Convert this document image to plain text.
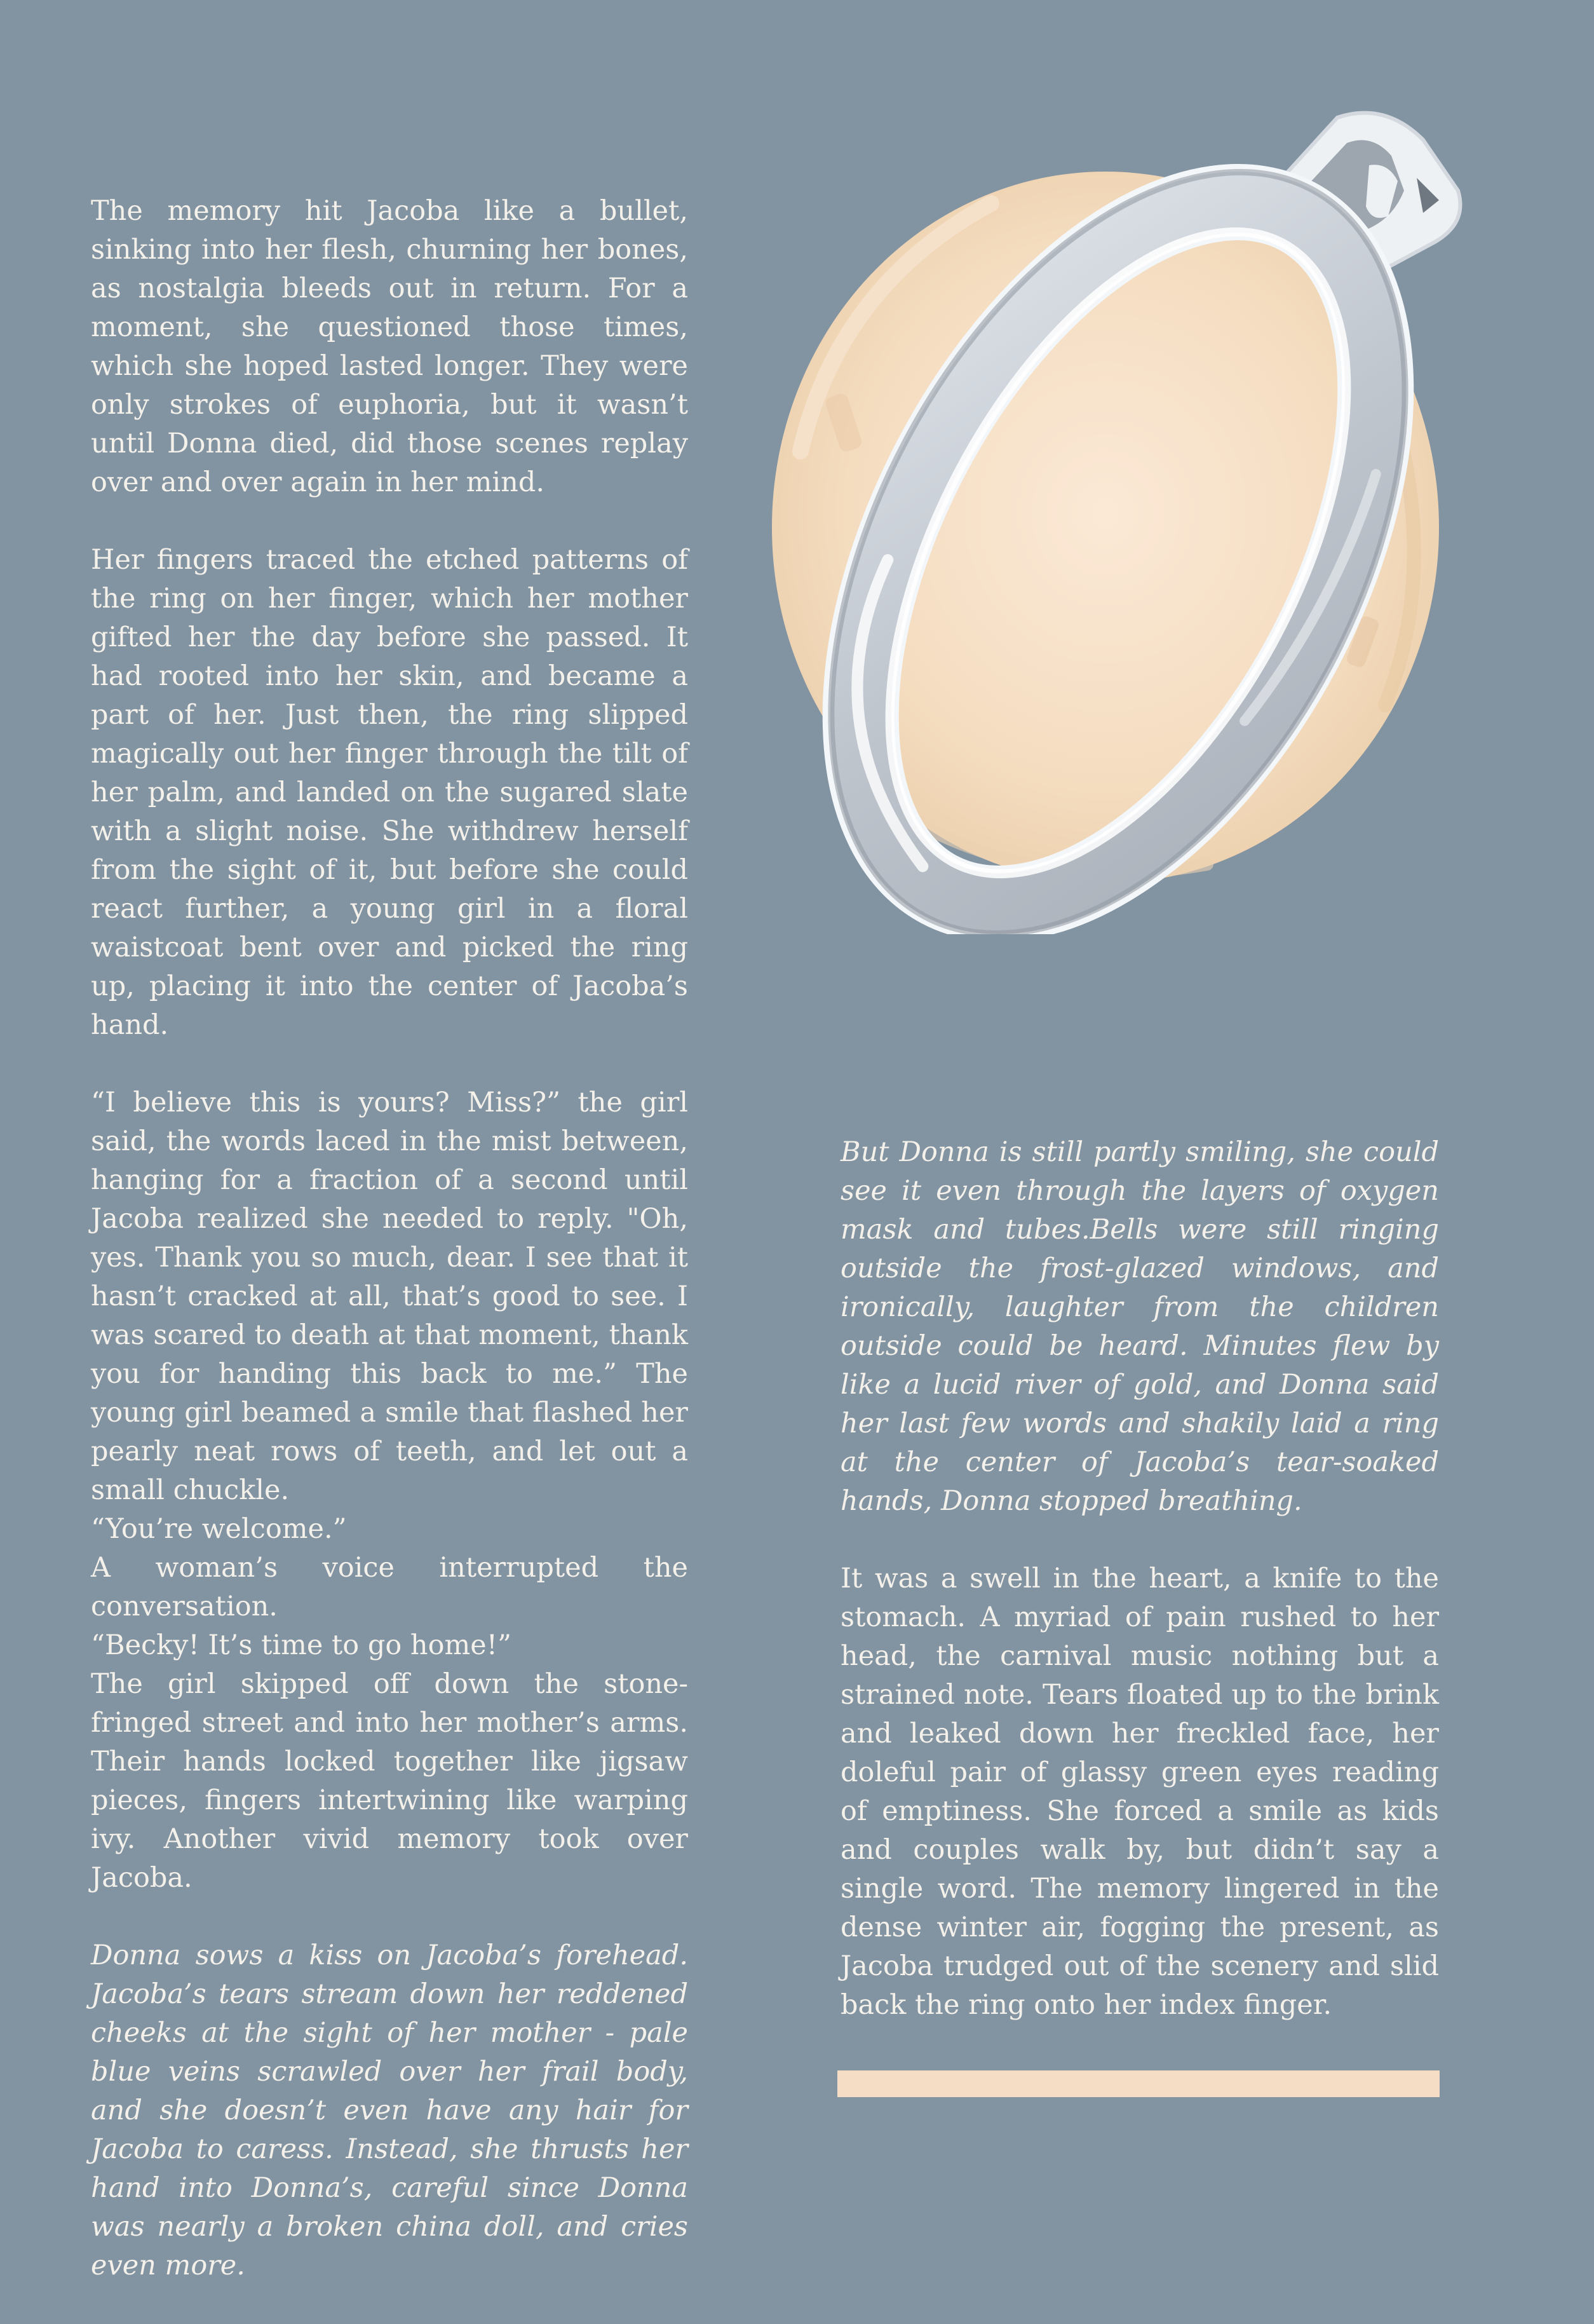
The memory hit Jacoba like a bullet, sinking into her flesh, churning her bones, as nostalgia bleeds out in return. For a moment, she questioned those times, which she hoped lasted longer. They were only strokes of euphoria, but it wasn’t until Donna died, did those scenes replay over and over again in her mind.

Her fingers traced the etched patterns of the ring on her finger, which her mother gifted her the day before she passed. It had rooted into her skin, and became a part of her. Just then, the ring slipped magically out her finger through the tilt of her palm, and landed on the sugared slate with a slight noise. She withdrew herself from the sight of it, but before she could react further, a young girl in a floral waistcoat bent over and picked the ring up, placing it into the center of Jacoba’s hand.

“I believe this is yours? Miss?” the girl said, the words laced in the mist between, hanging for a fraction of a second until Jacoba realized she needed to reply. "Oh, yes. Thank you so much, dear. I see that it hasn’t cracked at all, that’s good to see. I was scared to death at that moment, thank you for handing this back to me.” The young girl beamed a smile that flashed her pearly neat rows of teeth, and let out a small chuckle.

“You’re welcome.”

A woman’s voice interrupted the conversation.

“Becky! It’s time to go home!”

The girl skipped off down the stone-fringed street and into her mother’s arms. Their hands locked together like jigsaw pieces, fingers intertwining like warping ivy. Another vivid memory took over Jacoba.

Donna sows a kiss on Jacoba’s forehead. Jacoba’s tears stream down her reddened cheeks at the sight of her mother - pale blue veins scrawled over her frail body, and she doesn’t even have any hair for Jacoba to caress. Instead, she thrusts her hand into Donna’s, careful since Donna was nearly a broken china doll, and cries even more.

But Donna is still partly smiling, she could see it even through the layers of oxygen mask and tubes.Bells were still ringing outside the frost-glazed windows, and ironically, laughter from the children outside could be heard. Minutes flew by like a lucid river of gold, and Donna said her last few words and shakily laid a ring at the center of Jacoba’s tear-soaked hands, Donna stopped breathing.

It was a swell in the heart, a knife to the stomach. A myriad of pain rushed to her head, the carnival music nothing but a strained note. Tears floated up to the brink and leaked down her freckled face, her doleful pair of glassy green eyes reading of emptiness. She forced a smile as kids and couples walk by, but didn’t say a single word. The memory lingered in the dense winter air, fogging the present, as Jacoba trudged out of the scenery and slid back the ring onto her index finger.
